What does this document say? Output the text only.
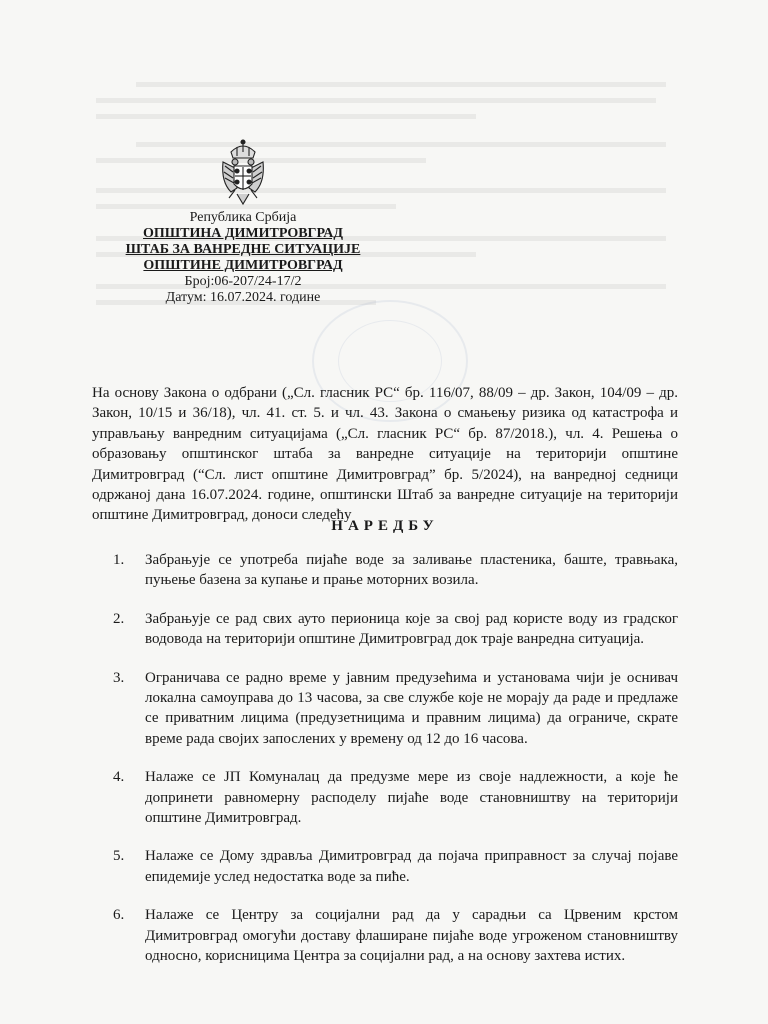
Република Србија
ОПШТИНА ДИМИТРОВГРАД
ШТАБ ЗА ВАНРЕДНЕ СИТУАЦИЈЕ
ОПШТИНЕ ДИМИТРОВГРАД
Број:06-207/24-17/2
Датум: 16.07.2024. године
На основу Закона о одбрани („Сл. гласник РС“ бр. 116/07, 88/09 – др. Закон, 104/09 – др. Закон, 10/15 и 36/18), чл. 41. ст. 5. и чл. 43. Закона о смањењу ризика од катастрофа и управљању ванредним ситуацијама („Сл. гласник РС“ бр. 87/2018.), чл. 4. Решења о образовању општинског штаба за ванредне ситуације на територији општине Димитровград (“Сл. лист општине Димитровград” бр. 5/2024), на ванредној седници одржаној дана 16.07.2024. године, општински Штаб за ванредне ситуације на територији општине Димитровград, доноси следећу
НАРЕДБУ
1. Забрањује се употреба пијаће воде за заливање пластеника, баште, травњака, пуњење базена за купање и прање моторних возила.
2. Забрањује се рад свих ауто перионица које за свој рад користе воду из градског водовода на територији општине Димитровград док траје ванредна ситуација.
3. Ограничава се радно време у јавним предузећима и установама чији је оснивач локална самоуправа до 13 часова, за све службе које не морају да раде и предлаже се приватним лицима (предузетницима и правним лицима) да ограниче, скрате време рада својих запослених у времену од 12 до 16 часова.
4. Налаже се ЈП Комуналац да предузме мере из своје надлежности, а које ће допринети равномерну расподелу пијаће воде становништву на територији општине Димитровград.
5. Налаже се Дому здравља Димитровград да појача приправност за случај појаве епидемије услед недостатка воде за пиће.
6. Налаже се Центру за социјални рад да у сарадњи са Црвеним крстом Димитровград омогући доставу флаширане пијаће воде угроженом становништву односно, корисницима Центра за социјални рад, а на основу захтева истих.
